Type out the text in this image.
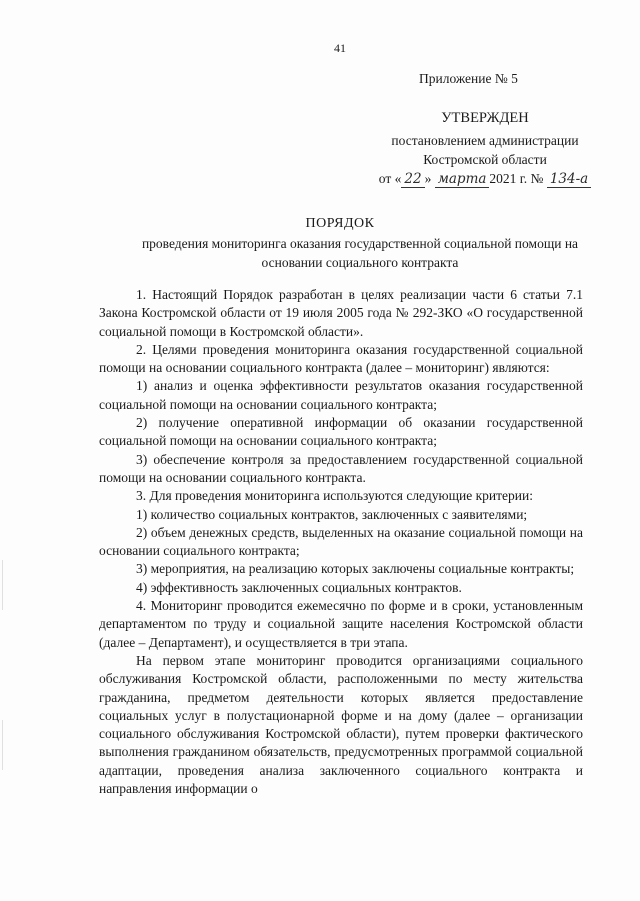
41
Приложение № 5
УТВЕРЖДЕН
постановлением администрации
Костромской области
от « 22 » марта 2021 г. № 134-а
ПОРЯДОК
проведения мониторинга оказания государственной социальной помощи на основании социального контракта

1. Настоящий Порядок разработан в целях реализации части 6 статьи 7.1 Закона Костромской области от 19 июля 2005 года № 292-ЗКО «О государственной социальной помощи в Костромской области».

2. Целями проведения мониторинга оказания государственной социальной помощи на основании социального контракта (далее – мониторинг) являются:

1) анализ и оценка эффективности результатов оказания государственной социальной помощи на основании социального контракта;

2) получение оперативной информации об оказании государственной социальной помощи на основании социального контракта;

3) обеспечение контроля за предоставлением государственной социальной помощи на основании социального контракта.

3. Для проведения мониторинга используются следующие критерии:

1) количество социальных контрактов, заключенных с заявителями;

2) объем денежных средств, выделенных на оказание социальной помощи на основании социального контракта;

3) мероприятия, на реализацию которых заключены социальные контракты;

4) эффективность заключенных социальных контрактов.

4. Мониторинг проводится ежемесячно по форме и в сроки, установленным департаментом по труду и социальной защите населения Костромской области (далее – Департамент), и осуществляется в три этапа.

На первом этапе мониторинг проводится организациями социального обслуживания Костромской области, расположенными по месту жительства гражданина, предметом деятельности которых является предоставление социальных услуг в полустационарной форме и на дому (далее – организации социального обслуживания Костромской области), путем проверки фактического выполнения гражданином обязательств, предусмотренных программой социальной адаптации, проведения анализа заключенного социального контракта и направления информации о
